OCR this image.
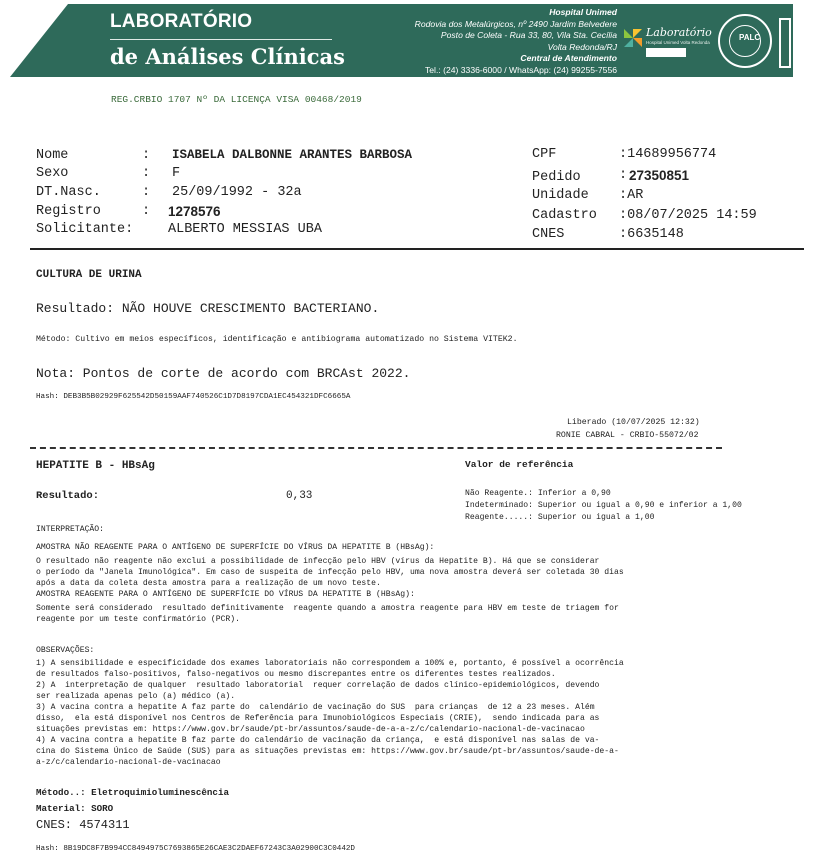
LABORATÓRIO
de Análises Clínicas
Hospital Unimed
Rodovia dos Metalúrgicos, nº 2490 Jardim Belvedere
Posto de Coleta - Rua 33, 80, Vila Sta. Cecília
Volta Redonda/RJ
Central de Atendimento
Tel.: (24) 3336-6000 / WhatsApp: (24) 99255-7556
Laboratório
Hospital Unimed Volta Redonda
PALC
REG.CRBIO 1707 Nº DA LICENÇA VISA 00468/2019
Nome	: ISABELA DALBONNE ARANTES BARBOSA
Sexo	: F
DT.Nasc.	: 25/09/1992 - 32a
Registro	: 1278576
Solicitante:	ALBERTO MESSIAS UBA
CPF	:14689956774
Pedido	: 27350851
Unidade :AR
Cadastro :08/07/2025 14:59
CNES	:6635148
CULTURA DE URINA
Resultado: NÃO HOUVE CRESCIMENTO BACTERIANO.
Método: Cultivo em meios específicos, identificação e antibiograma automatizado no Sistema VITEK2.
Nota: Pontos de corte de acordo com BRCAst 2022.
Hash: DEB3B5B02929F625542D50159AAF740526C1D7D8197CDA1EC454321DFC6665A
Liberado (10/07/2025 12:32)
RONIE CABRAL - CRBIO-55072/02
HEPATITE B - HBsAg	Valor de referência
Resultado:	0,33	Não Reagente.: Inferior a 0,90
Indeterminado: Superior ou igual a 0,90 e inferior a 1,00
Reagente.....: Superior ou igual a 1,00
INTERPRETAÇÃO:
AMOSTRA NÃO REAGENTE PARA O ANTÍGENO DE SUPERFÍCIE DO VÍRUS DA HEPATITE B (HBsAg):
O resultado não reagente não exclui a possibilidade de infecção pelo HBV (vírus da Hepatite B). Há que se considerar
o período da "Janela Imunológica". Em caso de suspeita de infecção pelo HBV, uma nova amostra deverá ser coletada 30 dias
após a data da coleta desta amostra para a realização de um novo teste.
AMOSTRA REAGENTE PARA O ANTÍGENO DE SUPERFÍCIE DO VÍRUS DA HEPATITE B (HBsAg):
Somente será considerado  resultado definitivamente  reagente quando a amostra reagente para HBV em teste de triagem for
reagente por um teste confirmatório (PCR).
OBSERVAÇÕES:
1) A sensibilidade e especificidade dos exames laboratoriais não correspondem a 100% e, portanto, é possível a ocorrência
de resultados falso-positivos, falso-negativos ou mesmo discrepantes entre os diferentes testes realizados.
2) A  interpretação de qualquer  resultado laboratorial  requer correlação de dados clínico-epidemiológicos, devendo
ser realizada apenas pelo (a) médico (a).
3) A vacina contra a hepatite A faz parte do  calendário de vacinação do SUS  para crianças  de 12 a 23 meses. Além
disso,  ela está disponível nos Centros de Referência para Imunobiológicos Especiais (CRIE),  sendo indicada para as
situações previstas em: https://www.gov.br/saude/pt-br/assuntos/saude-de-a-a-z/c/calendario-nacional-de-vacinacao
4) A vacina contra a hepatite B faz parte do calendário de vacinação da criança,  e está disponível nas salas de va-
cina do Sistema Único de Saúde (SUS) para as situações previstas em: https://www.gov.br/saude/pt-br/assuntos/saude-de-a-
a-z/c/calendario-nacional-de-vacinacao
Método..: Eletroquimioluminescência
Material: SORO
CNES: 4574311
Hash: 8B19DC8F7B994CC8494975C7693865E26CAE3C2DAEF67243C3A02900C3C0442D
